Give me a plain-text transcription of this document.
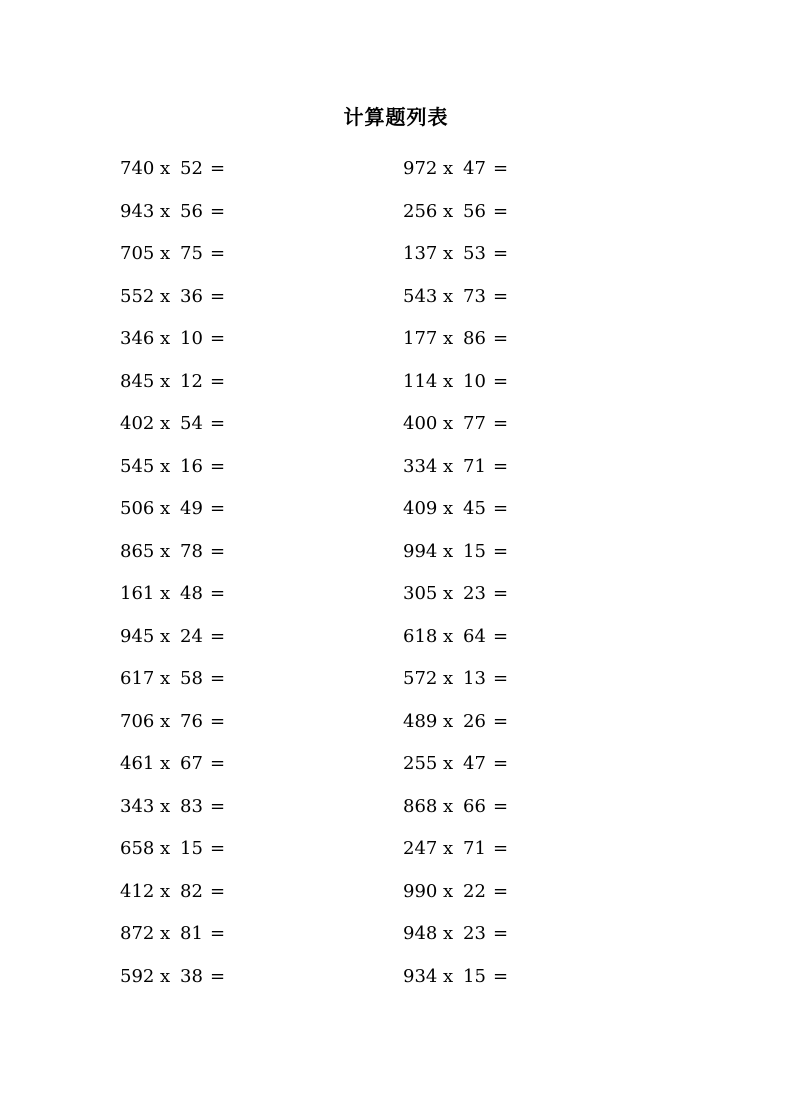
计算题列表
740 x 52 =
943 x 56 =
705 x 75 =
552 x 36 =
346 x 10 =
845 x 12 =
402 x 54 =
545 x 16 =
506 x 49 =
865 x 78 =
161 x 48 =
945 x 24 =
617 x 58 =
706 x 76 =
461 x 67 =
343 x 83 =
658 x 15 =
412 x 82 =
872 x 81 =
592 x 38 =
972 x 47 =
256 x 56 =
137 x 53 =
543 x 73 =
177 x 86 =
114 x 10 =
400 x 77 =
334 x 71 =
409 x 45 =
994 x 15 =
305 x 23 =
618 x 64 =
572 x 13 =
489 x 26 =
255 x 47 =
868 x 66 =
247 x 71 =
990 x 22 =
948 x 23 =
934 x 15 =
